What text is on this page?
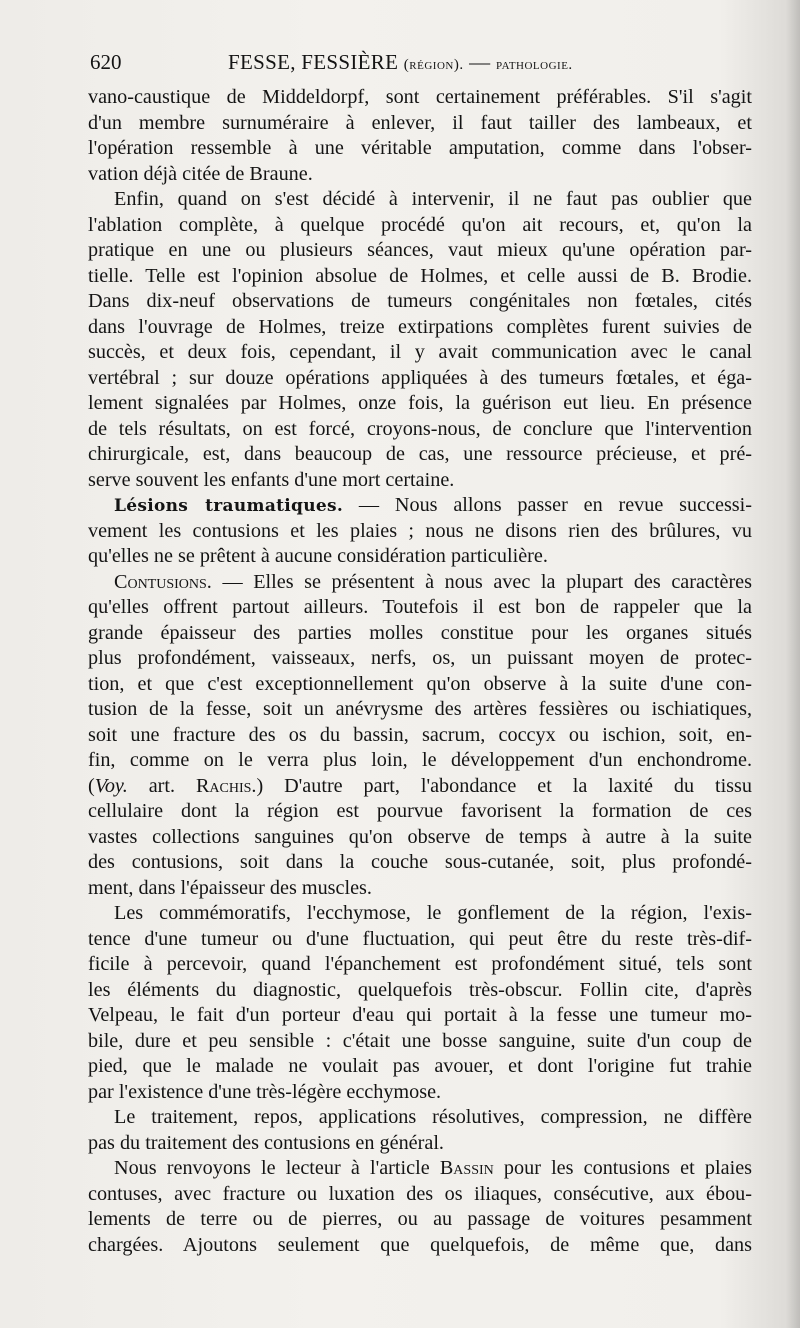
620	FESSE, FESSIÈRE (région). — pathologie.
vano-caustique de Middeldorpf, sont certainement préférables. S'il s'agit
d'un membre surnuméraire à enlever, il faut tailler des lambeaux, et
l'opération ressemble à une véritable amputation, comme dans l'obser-
vation déjà citée de Braune.
Enfin, quand on s'est décidé à intervenir, il ne faut pas oublier que
l'ablation complète, à quelque procédé qu'on ait recours, et, qu'on la
pratique en une ou plusieurs séances, vaut mieux qu'une opération par-
tielle. Telle est l'opinion absolue de Holmes, et celle aussi de B. Brodie.
Dans dix-neuf observations de tumeurs congénitales non fœtales, cités
dans l'ouvrage de Holmes, treize extirpations complètes furent suivies de
succès, et deux fois, cependant, il y avait communication avec le canal
vertébral ; sur douze opérations appliquées à des tumeurs fœtales, et éga-
lement signalées par Holmes, onze fois, la guérison eut lieu. En présence
de tels résultats, on est forcé, croyons-nous, de conclure que l'intervention
chirurgicale, est, dans beaucoup de cas, une ressource précieuse, et pré-
serve souvent les enfants d'une mort certaine.
Lésions traumatiques. — Nous allons passer en revue successi-
vement les contusions et les plaies ; nous ne disons rien des brûlures, vu
qu'elles ne se prêtent à aucune considération particulière.
Contusions. — Elles se présentent à nous avec la plupart des caractères
qu'elles offrent partout ailleurs. Toutefois il est bon de rappeler que la
grande épaisseur des parties molles constitue pour les organes situés
plus profondément, vaisseaux, nerfs, os, un puissant moyen de protec-
tion, et que c'est exceptionnellement qu'on observe à la suite d'une con-
tusion de la fesse, soit un anévrysme des artères fessières ou ischiatiques,
soit une fracture des os du bassin, sacrum, coccyx ou ischion, soit, en-
fin, comme on le verra plus loin, le développement d'un enchondrome.
(Voy. art. Rachis.) D'autre part, l'abondance et la laxité du tissu
cellulaire dont la région est pourvue favorisent la formation de ces
vastes collections sanguines qu'on observe de temps à autre à la suite
des contusions, soit dans la couche sous-cutanée, soit, plus profondé-
ment, dans l'épaisseur des muscles.
Les commémoratifs, l'ecchymose, le gonflement de la région, l'exis-
tence d'une tumeur ou d'une fluctuation, qui peut être du reste très-dif-
ficile à percevoir, quand l'épanchement est profondément situé, tels sont
les éléments du diagnostic, quelquefois très-obscur. Follin cite, d'après
Velpeau, le fait d'un porteur d'eau qui portait à la fesse une tumeur mo-
bile, dure et peu sensible : c'était une bosse sanguine, suite d'un coup de
pied, que le malade ne voulait pas avouer, et dont l'origine fut trahie
par l'existence d'une très-légère ecchymose.
Le traitement, repos, applications résolutives, compression, ne diffère
pas du traitement des contusions en général.
Nous renvoyons le lecteur à l'article Bassin pour les contusions et plaies
contuses, avec fracture ou luxation des os iliaques, consécutive, aux ébou-
lements de terre ou de pierres, ou au passage de voitures pesamment
chargées. Ajoutons seulement que quelquefois, de même que, dans
